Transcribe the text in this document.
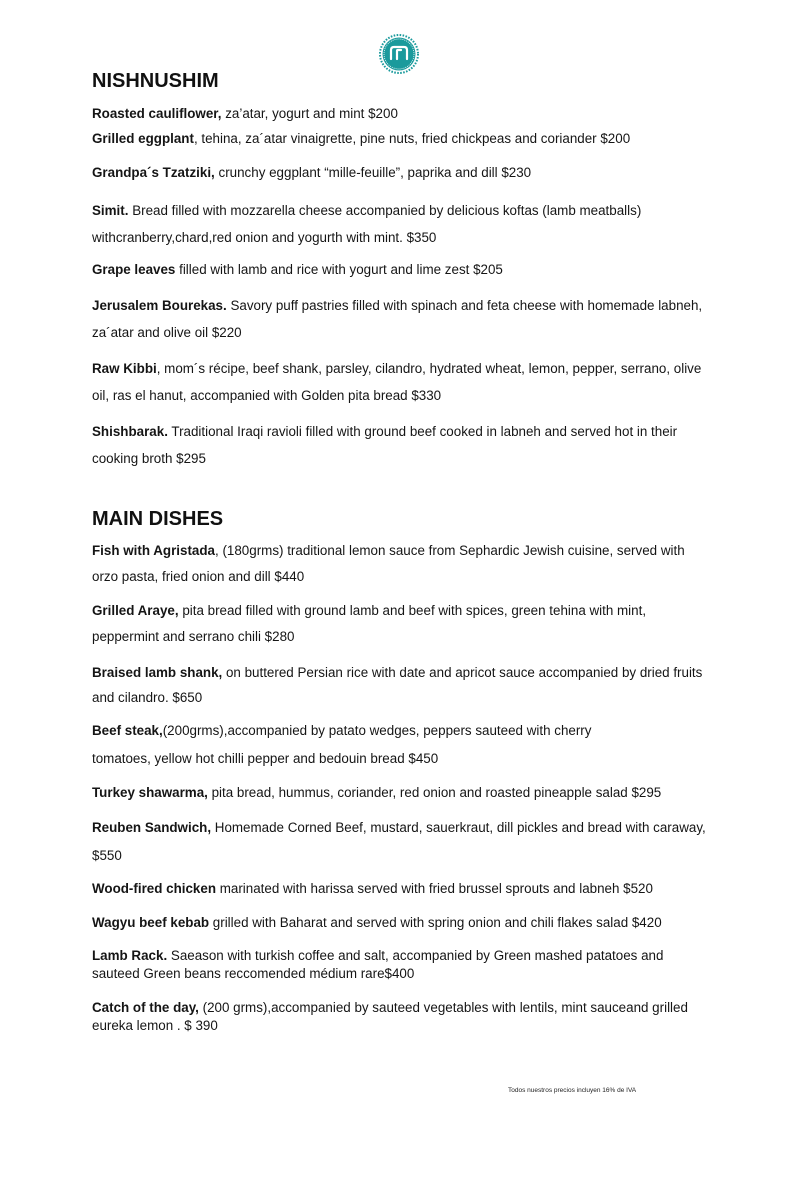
NISHNUSHIM

Roasted cauliflower, za’atar, yogurt and mint $200

Grilled eggplant, tehina, za´atar vinaigrette, pine nuts, fried chickpeas and coriander $200

Grandpa´s Tzatziki, crunchy eggplant “mille-feuille”, paprika and dill $230

Simit. Bread filled with mozzarella cheese accompanied by delicious koftas (lamb meatballs) withcranberry,chard,red onion and yogurth with mint. $350

Grape leaves filled with lamb and rice with yogurt and lime zest $205

Jerusalem Bourekas. Savory puff pastries filled with spinach and feta cheese with homemade labneh, za´atar and olive oil $220

Raw Kibbi, mom´s récipe, beef shank, parsley, cilandro, hydrated wheat, lemon, pepper, serrano, olive oil, ras el hanut, accompanied with Golden pita bread $330

Shishbarak. Traditional Iraqi ravioli filled with ground beef cooked in labneh and served hot in their cooking broth $295

MAIN DISHES

Fish with Agristada, (180grms) traditional lemon sauce from Sephardic Jewish cuisine, served with orzo pasta, fried onion and dill $440

Grilled Araye, pita bread filled with ground lamb and beef with spices, green tehina with mint, peppermint and serrano chili $280

Braised lamb shank, on buttered Persian rice with date and apricot sauce accompanied by dried fruits and cilandro. $650

Beef steak,(200grms),accompanied by patato wedges, peppers sauteed with cherry tomatoes, yellow hot chilli pepper and bedouin bread $450

Turkey shawarma, pita bread, hummus, coriander, red onion and roasted pineapple salad $295

Reuben Sandwich, Homemade Corned Beef, mustard, sauerkraut, dill pickles and bread with caraway, $550

Wood-fired chicken marinated with harissa served with fried brussel sprouts and labneh $520

Wagyu beef kebab grilled with Baharat and served with spring onion and chili flakes salad $420

Lamb Rack. Saeason with turkish coffee and salt, accompanied by Green mashed patatoes and sauteed Green beans reccomended médium rare$400

Catch of the day, (200 grms),accompanied by sauteed vegetables with lentils, mint sauceand grilled eureka lemon . $ 390

Todos nuestros precios incluyen 16% de IVA
